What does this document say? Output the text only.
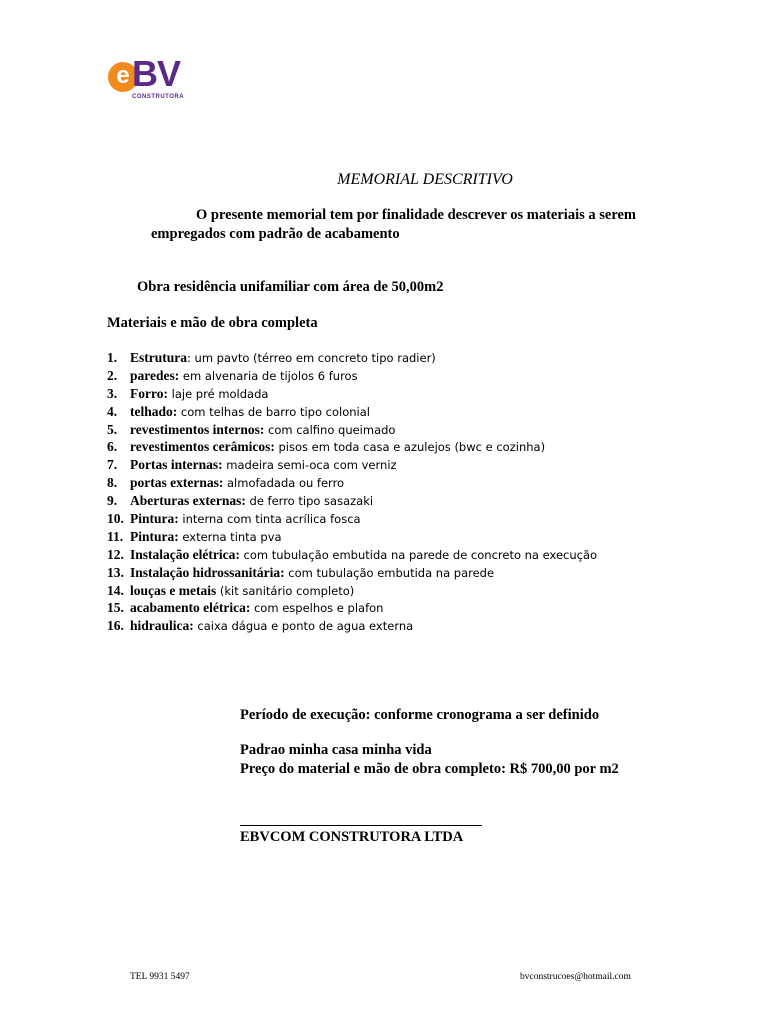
e BV
CONSTRUTORA
MEMORIAL DESCRITIVO
O presente memorial tem por finalidade descrever os materiais a serem
empregados com padrão de acabamento
Obra residência unifamiliar com área de 50,00m2
Materiais e mão de obra completa
1. Estrutura: um pavto (térreo em concreto tipo radier)
2. paredes: em alvenaria de tijolos 6 furos
3. Forro: laje pré moldada
4. telhado: com telhas de barro tipo colonial
5. revestimentos internos: com calfino queimado
6. revestimentos cerâmicos: pisos em toda casa e azulejos (bwc e cozinha)
7. Portas internas: madeira semi-oca com verniz
8. portas externas: almofadada ou ferro
9. Aberturas externas: de ferro tipo sasazaki
10. Pintura: interna com tinta acrílica fosca
11. Pintura: externa tinta pva
12. Instalação elétrica: com tubulação embutida na parede de concreto na execução
13. Instalação hidrossanitária: com tubulação embutida na parede
14. louças e metais (kit sanitário completo)
15. acabamento elétrica: com espelhos e plafon
16. hidraulica: caixa dágua e ponto de agua externa
Período de execução: conforme cronograma a ser definido
Padrao minha casa minha vida
Preço do material e mão de obra completo: R$ 700,00 por m2
EBVCOM CONSTRUTORA LTDA
TEL 9931 5497	bvconstrucoes@hotmail.com
